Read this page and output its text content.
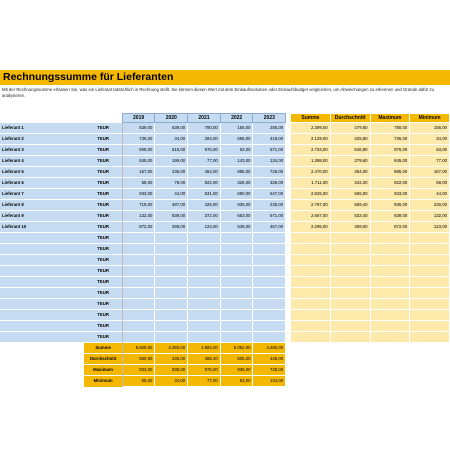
Rechnungssumme für Lieferanten
Mit der Rechnungssumme erfassen Sie, was ein Lieferant tatsächlich in Rechnung stellt. Sie können diesen Wert mit dem Einkaufsvolumen oder Einkaufsbudget vergleichen, um Abweichungen zu erkennen und Gründe dafür zu analysieren.
		2019	2020	2021	2022	2023		Summe	Durchschnitt	Maximum	Minimum
Lieferant 1	TEUR	539,00	639,00	780,00	156,00	285,00		2.399,00	479,80	780,00	156,00
Lieferant 2	TEUR	736,00	34,00	284,00	656,00	419,00		2.129,00	425,80	736,00	34,00
Lieferant 3	TEUR	608,00	516,00	976,00	63,00	571,00		2.734,00	546,80	976,00	63,00
Lieferant 4	TEUR	845,00	199,00	77,00	143,00	134,00		1.398,00	279,60	845,00	77,00
Lieferant 5	TEUR	167,00	236,00	454,00	885,00	728,00		2.470,00	494,00	885,00	167,00
Lieferant 6	TEUR	58,00	78,00	922,00	325,00	328,00		1.711,00	342,20	922,00	58,00
Lieferant 7	TEUR	933,00	44,00	531,00	690,00	647,00		2.825,00	565,00	933,00	44,00
Lieferant 8	TEUR	719,00	487,00	425,00	936,00	230,00		2.797,00	559,40	936,00	230,00
Lieferant 9	TEUR	132,00	839,00	372,00	653,00	671,00		2.667,00	533,40	839,00	132,00
Lieferant 10	TEUR	872,00	288,00	123,00	545,00	467,00		2.295,00	459,00	872,00	123,00
	TEUR										
	TEUR										
	TEUR										
	TEUR										
	TEUR										
	TEUR										
	TEUR										
	TEUR										
	TEUR										
	TEUR										
	Summe	5.609,00	3.360,00	4.884,00	5.052,00	4.480,00					
	Durchschnitt	560,90	336,00	488,40	505,20	448,00					
	Maximum	933,00	839,00	976,00	936,00	728,00					
	Minimum	58,00	34,00	77,00	63,00	134,00					
